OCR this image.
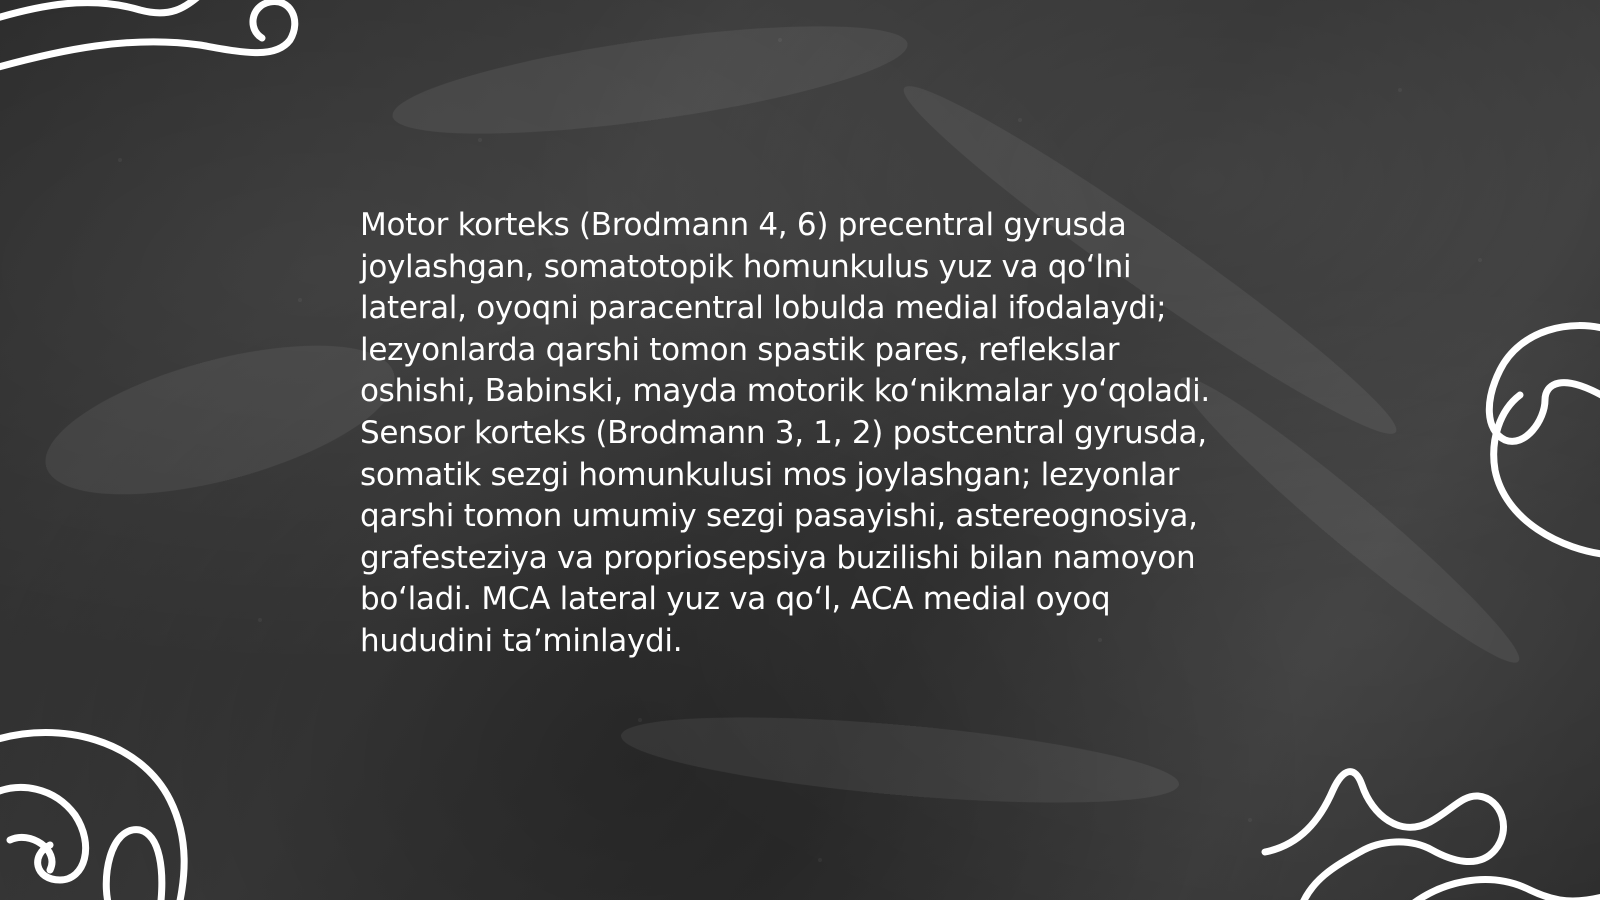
Motor korteks (Brodmann 4, 6) precentral gyrusda joylashgan, somatotopik homunkulus yuz va qoʻlni lateral, oyoqni paracentral lobulda medial ifodalaydi; lezyonlarda qarshi tomon spastik pares, reflekslar oshishi, Babinski, mayda motorik koʻnikmalar yoʻqoladi. Sensor korteks (Brodmann 3, 1, 2) postcentral gyrusda, somatik sezgi homunkulusi mos joylashgan; lezyonlar qarshi tomon umumiy sezgi pasayishi, astereognosiya, grafesteziya va propriosepsiya buzilishi bilan namoyon boʻladi. MCA lateral yuz va qoʻl, ACA medial oyoq hududini taʼminlaydi.
